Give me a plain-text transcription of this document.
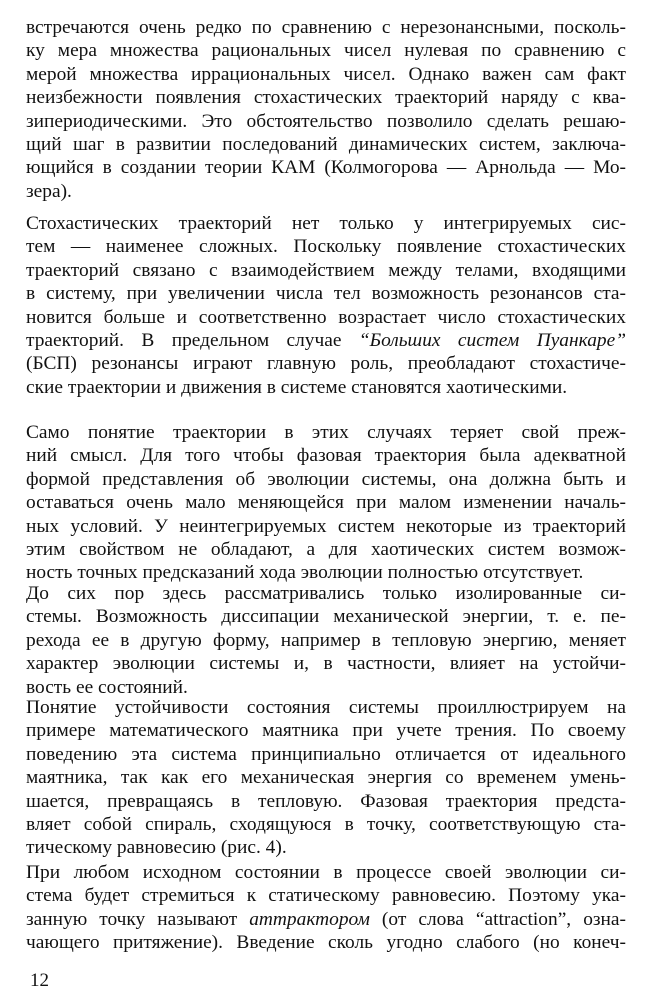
встречаются очень редко по сравнению с нерезонансными, посколь-
ку мера множества рациональных чисел нулевая по сравнению с
мерой множества иррациональных чисел. Однако важен сам факт
неизбежности появления стохастических траекторий наряду с ква-
зипериодическими. Это обстоятельство позволило сделать решаю-
щий шаг в развитии последований динамических систем, заключа-
ющийся в создании теории КАМ (Колмогорова — Арнольда — Мо-
зера).
Стохастических траекторий нет только у интегрируемых сис-
тем — наименее сложных. Поскольку появление стохастических
траекторий связано с взаимодействием между телами, входящими
в систему, при увеличении числа тел возможность резонансов ста-
новится больше и соответственно возрастает число стохастических
траекторий. В предельном случае “Больших систем Пуанкаре”
(БСП) резонансы играют главную роль, преобладают стохастиче-
ские траектории и движения в системе становятся хаотическими.
Само понятие траектории в этих случаях теряет свой преж-
ний смысл. Для того чтобы фазовая траектория была адекватной
формой представления об эволюции системы, она должна быть и
оставаться очень мало меняющейся при малом изменении началь-
ных условий. У неинтегрируемых систем некоторые из траекторий
этим свойством не обладают, а для хаотических систем возмож-
ность точных предсказаний хода эволюции полностью отсутствует.
До сих пор здесь рассматривались только изолированные си-
стемы. Возможность диссипации механической энергии, т. е. пе-
рехода ее в другую форму, например в тепловую энергию, меняет
характер эволюции системы и, в частности, влияет на устойчи-
вость ее состояний.
Понятие устойчивости состояния системы проиллюстрируем на
примере математического маятника при учете трения. По своему
поведению эта система принципиально отличается от идеального
маятника, так как его механическая энергия со временем умень-
шается, превращаясь в тепловую. Фазовая траектория предста-
вляет собой спираль, сходящуюся в точку, соответствующую ста-
тическому равновесию (рис. 4).
При любом исходном состоянии в процессе своей эволюции си-
стема будет стремиться к статическому равновесию. Поэтому ука-
занную точку называют аттрактором (от слова “attraction”, озна-
чающего притяжение). Введение сколь угодно слабого (но конеч-
12
